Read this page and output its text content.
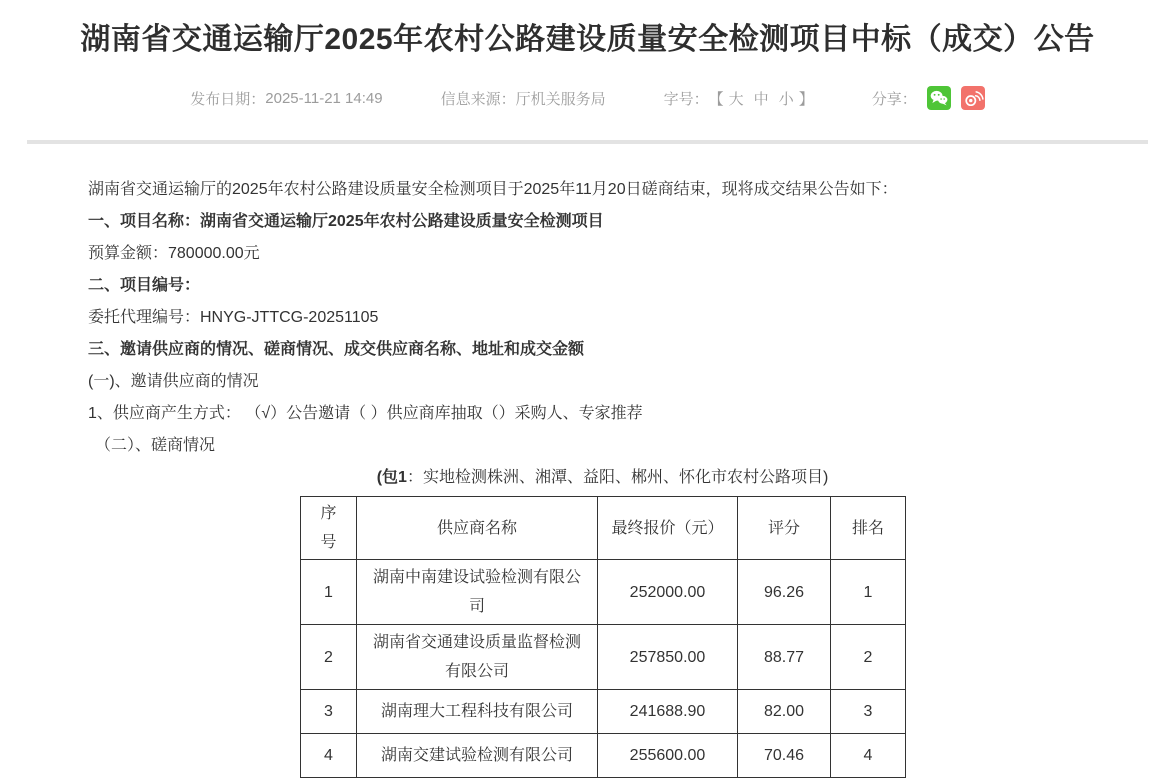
湖南省交通运输厅2025年农村公路建设质量安全检测项目中标（成交）公告
发布日期： 2025-11-21 14:49	信息来源： 厅机关服务局	字号： 【 大 中 小 】	分享：

湖南省交通运输厅的2025年农村公路建设质量安全检测项目于2025年11月20日磋商结束，现将成交结果公告如下：

一、项目名称：湖南省交通运输厅2025年农村公路建设质量安全检测项目

预算金额：780000.00元

二、项目编号：

委托代理编号：HNYG-JTTCG-20251105

三、邀请供应商的情况、磋商情况、成交供应商名称、地址和成交金额

(一)、邀请供应商的情况

1、供应商产生方式： （√）公告邀请（ ）供应商库抽取（）采购人、专家推荐

（二）、磋商情况

(包1：实地检测株洲、湘潭、益阳、郴州、怀化市农村公路项目)
序号	供应商名称	最终报价（元）	评分	排名
1	湖南中南建设试验检测有限公司	252000.00	96.26	1
2	湖南省交通建设质量监督检测有限公司	257850.00	88.77	2
3	湖南理大工程科技有限公司	241688.90	82.00	3
4	湖南交建试验检测有限公司	255600.00	70.46	4
